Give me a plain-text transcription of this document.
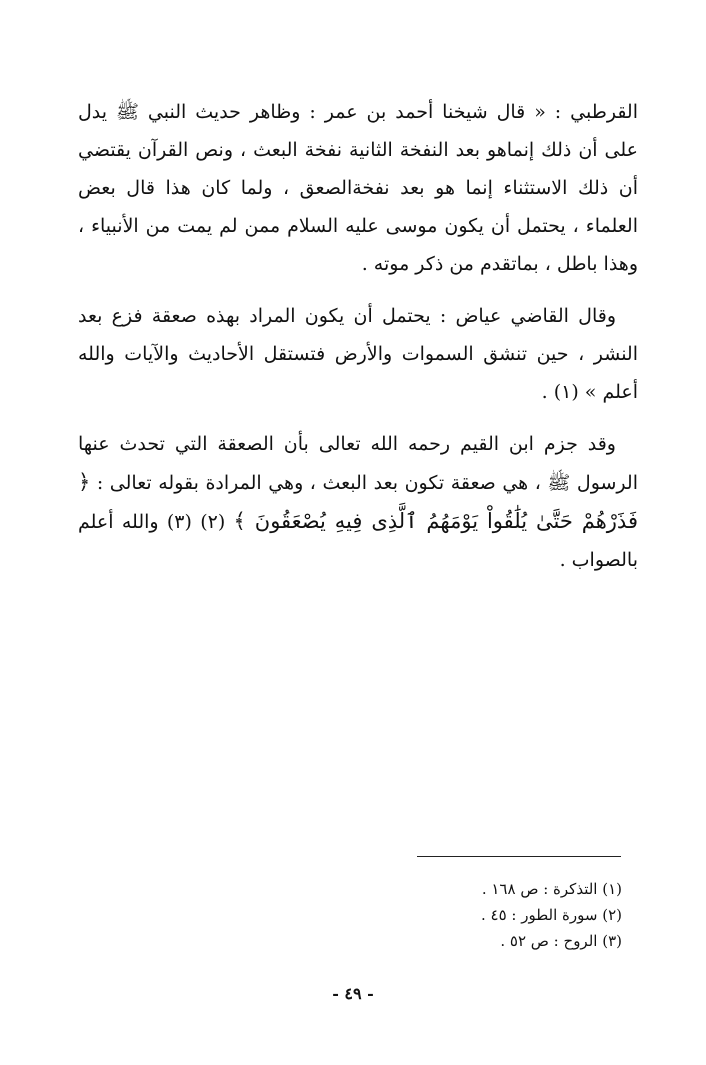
القرطبي : « قال شيخنا أحمد بن عمر : وظاهر حديث النبي ﷺ يدل على أن ذلك إنماهو بعد النفخة الثانية نفخة البعث ، ونص القرآن يقتضي أن ذلك الاستثناء إنما هو بعد نفخةالصعق ، ولما كان هذا قال بعض العلماء ، يحتمل أن يكون موسى عليه السلام ممن لم يمت من الأنبياء ، وهذا باطل ، بماتقدم من ذكر موته .

وقال القاضي عياض : يحتمل أن يكون المراد بهذه صعقة فزع بعد النشر ، حين تنشق السموات والأرض فتستقل الأحاديث والآيات والله أعلم » (١) .

وقد جزم ابن القيم رحمه الله تعالى بأن الصعقة التي تحدث عنها الرسول ﷺ ، هي صعقة تكون بعد البعث ، وهي المرادة بقوله تعالى : ﴿ فَذَرْهُمْ حَتَّىٰ يُلَٰقُواْ يَوْمَهُمُ ٱلَّذِى فِيهِ يُصْعَقُونَ ﴾ (٢) (٣) والله أعلم بالصواب .

(١) التذكرة : ص ١٦٨ .

(٢) سورة الطور : ٤٥ .

(٣) الروح : ص ٥٢ .

- ٤٩ -
